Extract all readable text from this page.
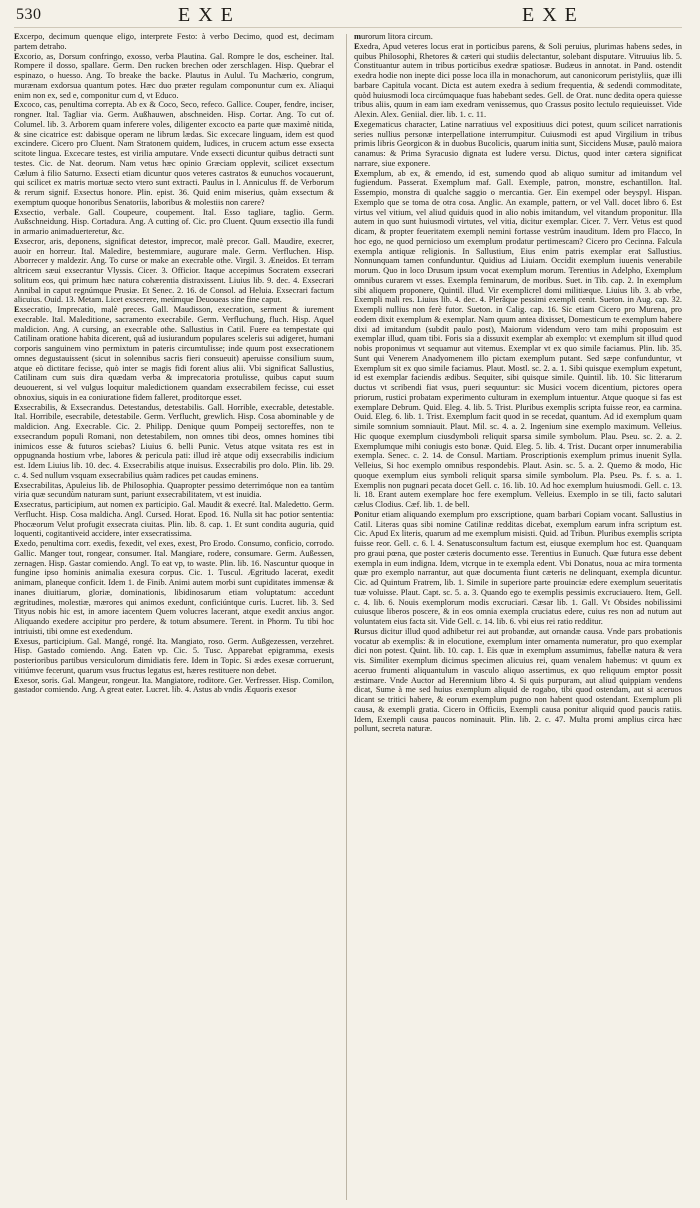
530	EXE	EXE

Excerpo, decimum quenque eligo, interprete Festo: à verbo Decimo, quod est, decimam partem detraho.

Excorio, as, Dorsum confringo, exosso, verba Plautina. Gal. Rompre le dos, escheiner. Ital. Rompere il dosso, spallare. Germ. Den rucken brechen oder zerschlagen. Hisp. Quebrar el espinazo, o huesso. Ang. To breake the backe. Plautus in Aulul. Tu Machærio, congrum, murænam exdorsua quantum potes. Hæc duo præter regulam componuntur cum ex. Aliaqui enim non ex, sed e, componitur cum d, vt Educo.

Excoco, cas, penultima correpta. Ab ex & Coco, Seco, refeco. Gallice. Couper, fendre, inciser, rongner. Ital. Tagliar via. Germ. Außhauwen, abschneiden. Hisp. Cortar. Ang. To cut of. Columel. lib. 3. Arborem quam inferere voles, diligenter excocto ea parte quæ maximè nitida, & sine cicatrice est: dabisque operam ne librum lædas. Sic excecare linguam, idem est quod excindere. Cicero pro Cluent. Nam Stratonem quidem, Iudices, in crucem actum esse exsecta scitote lingua. Excecare testes, est virilia amputare. Vnde exsecti dicuntur quibus detracti sunt testes. Cic. de Nat. deorum. Nam vetus hæc opinio Græciam opplevit, scilicet exsectum Cælum à filio Saturno. Exsecti etiam dicuntur quos veteres castratos & eunuchos vocauerunt, qui scilicet ex matris mortuæ secto vtero sunt extracti. Paulus in l. Anniculus ff. de Verborum & rerum signif. Exsectus honore. Plin. epist. 36. Quid enim miserius, quàm exsectum & exemptum quoque honoribus Senatoriis, laboribus & molestiis non carere?

Exsectio, verbale. Gall. Coupeure, coupement. Ital. Esso tagliare, taglio. Germ. Außschneidung. Hisp. Cortadura. Ang. A cutting of. Cic. pro Cluent. Quum exsectio illa fundi in armario animaduerteretur, &c.

Exsecror, aris, deponens, significat detestor, imprecor, malè precor. Gall. Maudire, execrer, auoir en horreur. Ital. Maledire, bestemmiare, augurare male. Germ. Verfluchen. Hisp. Aborrecer y maldezir. Ang. To curse or make an execrable othe. Virgil. 3. Æneidos. Et terram altricem sæui exsecrantur Vlyssis. Cicer. 3. Officior. Itaque accepimus Socratem exsecrari solitum eos, qui primum hæc natura cohærentia distraxissent. Liuius lib. 9. dec. 4. Exsecrari Annibal in caput regnúmque Prusiæ. Et Senec. 2. 16. de Consol. ad Heluia. Exsecrari factum alicuius. Ouid. 13. Metam. Licet exsecrere, meúmque Deuoueas sine fine caput.

Exsecratio, Imprecatio, malè preces. Gall. Maudisson, execration, serment & iurement execrable. Ital. Maleditione, sacramento execrabile. Germ. Verfluchung, fluch. Hisp. Aquel maldicion. Ang. A cursing, an execrable othe. Sallustius in Catil. Fuere ea tempestate qui Catilinam oratione habita dicerent, quâ ad iusiurandum populares sceleris sui adigeret, humani corporis sanguinem vino permixtum in pateris circumtulisse; inde quum post exsecrationem omnes degustauissent (sicut in solennibus sacris fieri consueuit) aperuisse consilium suum, atque eò dictitare fecisse, quò inter se magis fidi forent alius alii. Vbi significat Sallustius, Catilinam cum suis dira quædam verba & imprecatoria protulisse, quibus caput suum deuouerent, si vel vulgus loquitur maledictionem quandam exsecrabilem fecisse, cui esset obnoxius, siquis in ea coniuratione fidem falleret, proditorque esset.

Exsecrabilis, & Exsecrandus. Detestandus, detestabilis. Gall. Horrible, execrable, detestable. Ital. Horribile, esecrabile, detestabile. Germ. Verflucht, grewlich. Hisp. Cosa abominable y de maldicion. Ang. Execrable. Cic. 2. Philipp. Denique quum Pompeij sectoreffes, non te exsecrandum populi Romani, non detestabilem, non omnes tibi deos, omnes homines tibi inimicos esse & futuros sciebas? Liuius 6. belli Punic. Vetus atque vsitata res est in oppugnanda hostium vrbe, labores & pericula pati: illud irè atque odij exsecrabilis indicium est. Idem Liuius lib. 10. dec. 4. Exsecrabilis atque inuisus. Exsecrabilis pro dolo. Plin. lib. 29. c. 4. Sed nullum vsquam exsecrabilius quàm radices pet caudas eminens.

Exsecrabilitas, Apuleius lib. de Philosophia. Quapropter pessimo deterrimóque non ea tantùm viria quæ secundùm naturam sunt, pariunt exsecrabilitatem, vt est inuidia.

Exsecratus, participium, aut nomen ex participio. Gal. Maudit & execré. Ital. Maledetto. Germ. Verflucht. Hisp. Cosa maldicha. Angl. Cursed. Horat. Epod. 16. Nulla sit hac potior sententia: Phocæorum Velut profugit exsecrata ciuitas. Plin. lib. 8. cap. 1. Et sunt condita auguria, quid loquenti, cogitantiveid accidere, inter exsecratissima.

Exedo, penultima corr. exedis, fexedit, vel exes, exest, Pro Erodo. Consumo, conficio, corrodo. Gallic. Manger tout, rongear, consumer. Ital. Mangiare, rodere, consumare. Germ. Außessen, zernagen. Hisp. Gastar comiendo. Angl. To eat vp, to waste. Plin. lib. 16. Nascuntur quoque in fungine ipso hominis animalia exesura corpus. Cic. 1. Tuscul. Ægritudo lacerat, exedit animam, planeque conficit. Idem 1. de Finib. Animi autem morbi sunt cupiditates immensæ & inanes diuitiarum, gloriæ, dominationis, libidinosarum etiam voluptatum: accedunt ægritudines, molestiæ, mærores qui animos exedunt, conficiúntque curis. Lucret. lib. 3. Sed Tityus nobis hic est, in amore iacentem Quem volucres lacerant, atque exedit anxius angor. Aliquando exedere accipitur pro perdere, & totum absumere. Terent. in Phorm. Tu tibi hoc intriuisti, tibi omne est exedendum.

Exesus, participium. Gal. Mangé, rongé. Ita. Mangiato, roso. Germ. Außgezessen, verzehret. Hisp. Gastado comiendo. Ang. Eaten vp. Cic. 5. Tusc. Apparebat epigramma, exesis posterioribus partibus versiculorum dimidiatis fere. Idem in Topic. Si ædes exesæ corruerunt, vitiúmve fecerunt, quarum vsus fructus legatus est, hæres restituere non debet.

Exesor, soris. Gal. Mangeur, rongeur. Ita. Mangiatore, roditore. Ger. Verfresser. Hisp. Comilon, gastador comiendo. Ang. A great eater. Lucret. lib. 4. Astus ab vndis Æquoris exesor

murorum litora circum.

Exedra, Apud veteres locus erat in porticibus parens, & Soli peruius, plurimas habens sedes, in quibus Philosophi, Rhetores & cæteri qui studiis delectantur, solebant disputare. Vitruuius lib. 5. Constituantur autem in tribus porticibus exedræ spatiosæ. Budæus in annotat. in Pand. ostendit exedra hodie non inepte dici posse loca illa in monachorum, aut canonicorum peristyliis, quæ illi barbare Capitula vocant. Dicta est autem exedra à sedium frequentia, & sedendi commoditate, quòd huiusmodi loca circúmquaque fuas habebant sedes. Gell. de Orat. nunc dedita opera quiesse tribus aliis, quum in eam iam exedram venissemus, quo Crassus posito lectulo requieuisset. Vide Alexin. Alex. Geniial. dier. lib. 1. c. 11.

Exegematicus character, Latine narratiuus vel expositiuus dici potest, quum scilicet narrationis series nullius personæ interpellatione interrumpitur. Cuiusmodi est apud Virgilium in tribus primis libris Georgicon & in duobus Bucolicis, quarum initia sunt, Siccidens Musæ, paulò maiora canamus: & Prima Syracusio dignata est ludere versu. Dictus, quod inter cætera significat narrare, siue exponere.

Exemplum, ab ex, & emendo, id est, sumendo quod ab aliquo sumitur ad imitandum vel fugiendum. Passerat. Exemplum maf. Gall. Exemple, patron, monstre, eschantillon. Ital. Essempio, monstra di qualche saggio o mercantia. Ger. Ein exempel oder beyspyl. Hispan. Exemplo que se toma de otra cosa. Anglic. An example, pattern, or vel Vall. docet libro 6. Est virtus vel vitium, vel aliud quiduis quod in alio nobis imitandum, vel vitandum proponitur. Illa autem in quo sunt huiusmodi virtutes, vel vitia, dicitur exemplar. Cicer. 7. Verr. Vetus est quod dicam, & propter feueritatem exempli nemini fortasse vestrûm inauditum. Idem pro Flacco, In hoc ego, ne quod pernicioso um exemplum prodatur pertimescam? Cicero pro Cecinna. Falcula exempla antiquæ religionis. In Sallustium, Eius enim patris exemplar erat Sallustius. Nonnunquam tamen confunduntur. Quidius ad Liuiam. Occidit exemplum iuuenis venerabile morum. Quo in loco Drusum ipsum vocat exemplum morum. Terentius in Adelpho, Exemplum omnibus curarem vt esses. Exempla feminarum, de moribus. Suet. in Tib. cap. 2. In exemplum sibi aliquem proponere, Quintil. illud. Vir exemplicrel domi militiæque. Liuius lib. 3. ab vrbe, Exempli mali res. Liuius lib. 4. dec. 4. Plerâque pessimi exempli cenit. Sueton. in Aug. cap. 32. Exempli nullius non ferè futor. Sueton. in Calig. cap. 16. Sic etiam Cicero pro Murena, pro eodem dixit exemplum & exemplar. Nam quum antea dixisset, Domesticum te exemplum habere dixi ad imitandum (subdit paulo post), Maiorum videndum vero tam mihi proposuim est exemplar illud, quam tibi. Foris sia a dissuxit exemplar ab exemplo: vt exemplum sit illud quod nobis proponimus vt sequamur aut vitemus. Exemplar vt ex quo simile faciamus. Plin. lib. 35. Sunt qui Venerem Anadyomenem illo pictam exemplum putant. Sed sæpe confunduntur, vt Exemplum sit ex quo simile faciamus. Plaut. Mostl. sc. 2. a. 1. Sibi quisque exemplum expetunt, id est exemplar faciendis ædibus. Sequiter, sibi quisque simile. Quintil. lib. 10. Sic litterarum ductus vt scribendi fiat vsus, pueri sequuntur: sic Musici vocem dicentium, pictores opera priorum, rustici probatam experimento culturam in exemplum intuentur. Atque quoque si fas est exemplare Debrum. Quid. Eleg. 4. lib. 5. Trist. Pluribus exemplis scripta fuisse reor, ea carmina. Ouid. Eleg. 6. lib. 1. Trist. Exemplum facit quod in se recedat, quantum. Ad id exemplum quam simile somnium somniauit. Plaut. Mil. sc. 4. a. 2. Ingenium sine exemplo maximum. Velleius. Hic quoque exemplum ciusdymboli reliquit sparsa simile symbolum. Plau. Pseu. sc. 2. a. 2. Exemplumque mihi coniugis esto bonæ. Quid. Eleg. 5. lib. 4. Trist. Ducant orper innumerabilia exempla. Senec. c. 2. 14. de Consul. Martiam. Proscriptionis exemplum primus inuenit Sylla. Velleius, Si hoc exemplo omnibus respondebis. Plaut. Asin. sc. 5. a. 2. Quemo & modo, Hic quoque exemplum eius symboli reliquit sparsa simile symbolum. Pla. Pseu. Ps. f. s. a. 1. Exemplis non pugnari pecata docet Gell. c. 16. lib. 10. Ad hoc exemplum huiusmodi. Gell. c. 13. li. 18. Erant autem exemplare hoc fere exemplum. Velleius. Exemplo in se tili, facto salutari cælus Clodius. Cæf. lib. 1. de bell.

Ponitur etiam aliquando exemplum pro exscriptione, quam barbari Copiam vocant. Sallustius in Catil. Literas quas sibi nomine Catilinæ redditas dicebat, exemplum earum infra scriptum est. Cic. Apud Ex literis, quarum ad me exemplum misisti. Quid. ad Tribun. Pluribus exemplis scripta fuisse reor. Gell. c. 6. l. 4. Senatusconsultum factum est, eiusque exemplum hoc est. Quanquam pro graui pœna, que poster cæteris documento esse. Terentius in Eunuch. Quæ futura esse debent exempla in eum indigna. Idem, vtcrque in te exempla edent. Vbi Donatus, noua ac mira tormenta quæ pro exemplo narrantur, aut quæ documenta fiunt cæteris ne delinquant, exempla dicuntur. Cic. ad Quintum Fratrem, lib. 1. Simile in superiore parte prouinciæ edere exemplum seueritatis tuæ voluisse. Plaut. Capt. sc. 5. a. 3. Quando ego te exemplis pessimis excruciauero. Item, Gell. c. 4. lib. 6. Nouis exemplorum modis excruciari. Cæsar lib. 1. Gall. Vt Obsides nobilissimi cuiusque liberos poscere, & in eos omnia exempla cruciatus edere, cuius res non ad nutum aut voluntatem eius facta sit. Vide Gell. c. 14. lib. 6. vbi eius rei ratio redditur.

Rursus dicitur illud quod adhibetur rei aut probandæ, aut ornandæ causa. Vnde pars probationis vocatur ab exemplis: & in elocutione, exemplum inter ornamenta numeratur, pro quo exemplar dici non potest. Quint. lib. 10. cap. 1. Eis quæ in exemplum assumimus, fabellæ natura & vera vis. Similiter exemplum dicimus specimen alicuius rei, quam venalem habemus: vt quum ex aceruo frumenti aliquantulum in vasculo aliquo assertimus, ex quo reliquum emptor possit æstimare. Vnde Auctor ad Herennium libro 4. Si quis purpuram, aut aliud quippiam vendens dicat, Sume à me sed huius exemplum aliquid de rogabo, tibi quod ostendam, aut si aceruos dicant se tritici habere, & eorum exemplum pugno non habent quod ostendant. Exemplum pli causa, & exempli gratia. Cicero in Officiis, Exempli causa ponitur aliquid quod paucis ratiis. Idem, Exempli causa paucos nominauit. Plin. lib. 2. c. 47. Multa promi amplius circa hæc pollunt, secreta naturæ.
